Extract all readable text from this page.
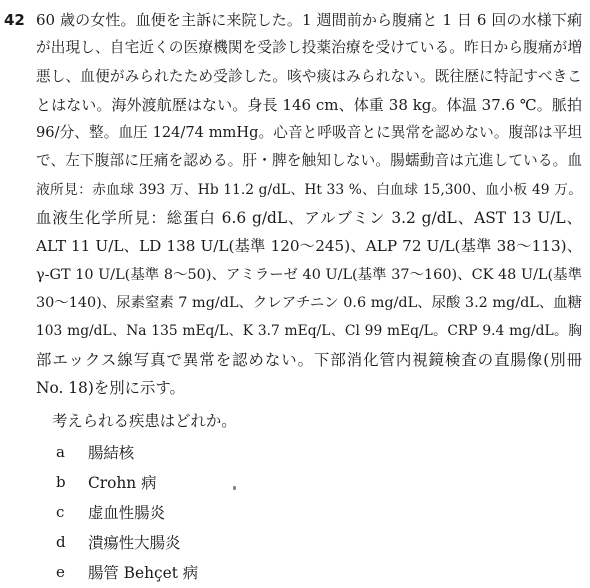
42 60 歳の女性。血便を主訴に来院した。1 週間前から腹痛と 1 日 6 回の水様下痢
が出現し、自宅近くの医療機関を受診し投薬治療を受けている。昨日から腹痛が増
悪し、血便がみられたため受診した。咳や痰はみられない。既往歴に特記すべきこ
とはない。海外渡航歴はない。身長 146 cm、体重 38 kg。体温 37.6 ℃。脈拍
96/分、整。血圧 124/74 mmHg。心音と呼吸音とに異常を認めない。腹部は平坦
で、左下腹部に圧痛を認める。肝・脾を触知しない。腸蠕動音は亢進している。血
液所見：赤血球 393 万、Hb 11.2 g/dL、Ht 33 %、白血球 15,300、血小板 49 万。
血液生化学所見：総蛋白 6.6 g/dL、アルブミン 3.2 g/dL、AST 13 U/L、
ALT 11 U/L、LD 138 U/L(基準 120〜245)、ALP 72 U/L(基準 38〜113)、
γ-GT 10 U/L(基準 8〜50)、アミラーゼ 40 U/L(基準 37〜160)、CK 48 U/L(基準
30〜140)、尿素窒素 7 mg/dL、クレアチニン 0.6 mg/dL、尿酸 3.2 mg/dL、血糖
103 mg/dL、Na 135 mEq/L、K 3.7 mEq/L、Cl 99 mEq/L。CRP 9.4 mg/dL。胸
部エックス線写真で異常を認めない。下部消化管内視鏡検査の直腸像(別冊
No. 18)を別に示す。
考えられる疾患はどれか。
a	腸結核
b	Crohn 病
c	虚血性腸炎
d	潰瘍性大腸炎
e	腸管 Behçet 病
